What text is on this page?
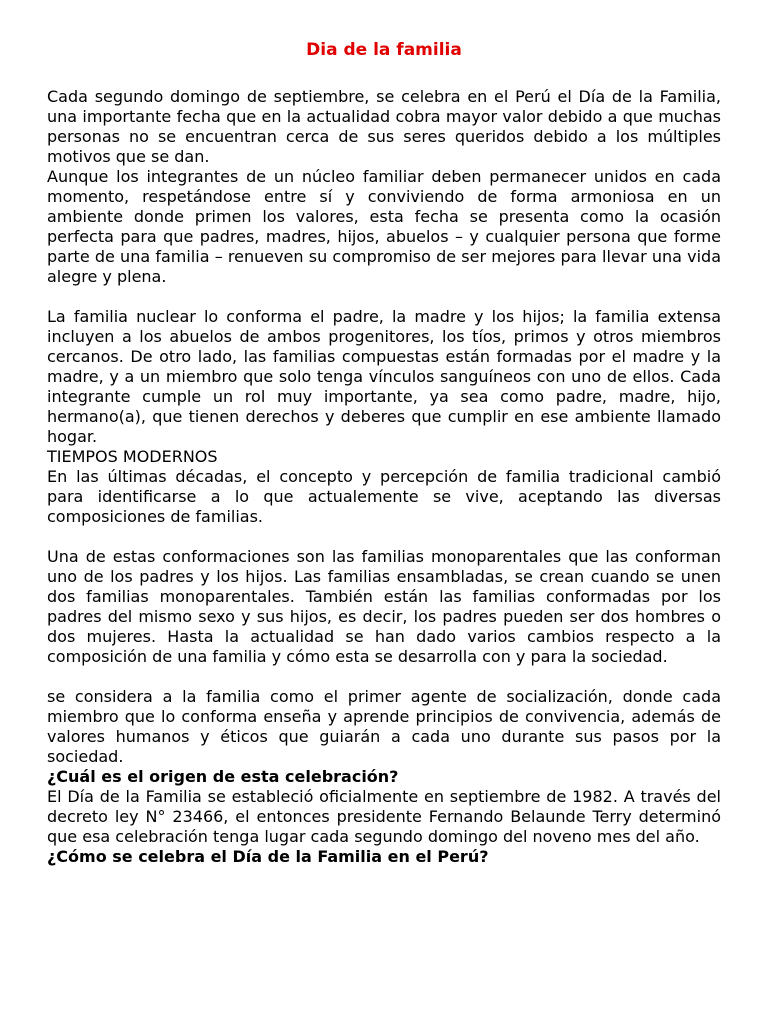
Dia de la familia

Cada segundo domingo de septiembre, se celebra en el Perú el Día de la Familia, una importante fecha que en la actualidad cobra mayor valor debido a que muchas personas no se encuentran cerca de sus seres queridos debido a los múltiples motivos que se dan.

Aunque los integrantes de un núcleo familiar deben permanecer unidos en cada momento, respetándose entre sí y conviviendo de forma armoniosa en un ambiente donde primen los valores, esta fecha se presenta como la ocasión perfecta para que padres, madres, hijos, abuelos – y cualquier persona que forme parte de una familia – renueven su compromiso de ser mejores para llevar una vida alegre y plena.

La familia nuclear lo conforma el padre, la madre y los hijos; la familia extensa incluyen a los abuelos de ambos progenitores, los tíos, primos y otros miembros cercanos. De otro lado, las familias compuestas están formadas por el madre y la madre, y a un miembro que solo tenga vínculos sanguíneos con uno de ellos. Cada integrante cumple un rol muy importante, ya sea como padre, madre, hijo, hermano(a), que tienen derechos y deberes que cumplir en ese ambiente llamado hogar.

TIEMPOS MODERNOS

En las últimas décadas, el concepto y percepción de familia tradicional cambió para identificarse a lo que actualemente se vive, aceptando las diversas composiciones de familias.

Una de estas conformaciones son las familias monoparentales que las conforman uno de los padres y los hijos. Las familias ensambladas, se crean cuando se unen dos familias monoparentales. También están las familias conformadas por los padres del mismo sexo y sus hijos, es decir, los padres pueden ser dos hombres o dos mujeres. Hasta la actualidad se han dado varios cambios respecto a la composición de una familia y cómo esta se desarrolla con y para la sociedad.

se considera a la familia como el primer agente de socialización, donde cada miembro que lo conforma enseña y aprende principios de convivencia, además de valores humanos y éticos que guiarán a cada uno durante sus pasos por la sociedad.

¿Cuál es el origen de esta celebración?

El Día de la Familia se estableció oficialmente en septiembre de 1982. A través del decreto ley N° 23466, el entonces presidente Fernando Belaunde Terry determinó que esa celebración tenga lugar cada segundo domingo del noveno mes del año.

¿Cómo se celebra el Día de la Familia en el Perú?
